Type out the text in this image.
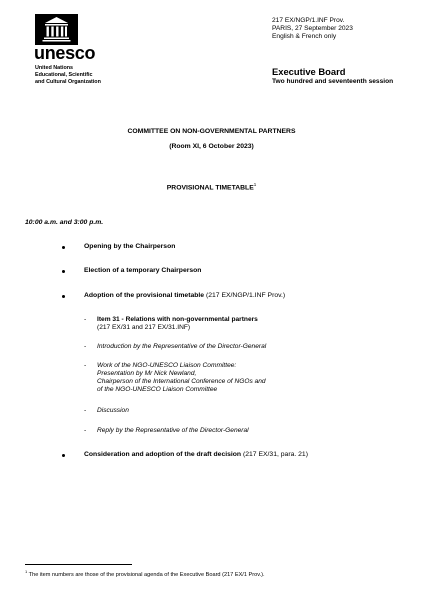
unesco
United Nations
Educational, Scientific
and Cultural Organization
217 EX/NGP/1.INF Prov.
PARIS, 27 September 2023
English & French only
Executive Board
Two hundred and seventeenth session
COMMITTEE ON NON-GOVERNMENTAL PARTNERS
(Room XI, 6 October 2023)
PROVISIONAL TIMETABLE$^1$
10:00 a.m. and 3:00 p.m.
Opening by the Chairperson
Election of a temporary Chairperson
Adoption of the provisional timetable (217 EX/NGP/1.INF Prov.)
- Item 31 - Relations with non-governmental partners
(217 EX/31 and 217 EX/31.INF)
- Introduction by the Representative of the Director-General
- Work of the NGO-UNESCO Liaison Committee:
Presentation by Mr Nick Newland,
Chairperson of the International Conference of NGOs and
of the NGO-UNESCO Liaison Committee
- Discussion
- Reply by the Representative of the Director-General
Consideration and adoption of the draft decision (217 EX/31, para. 21)
$^1$ The item numbers are those of the provisional agenda of the Executive Board (217 EX/1 Prov.).
